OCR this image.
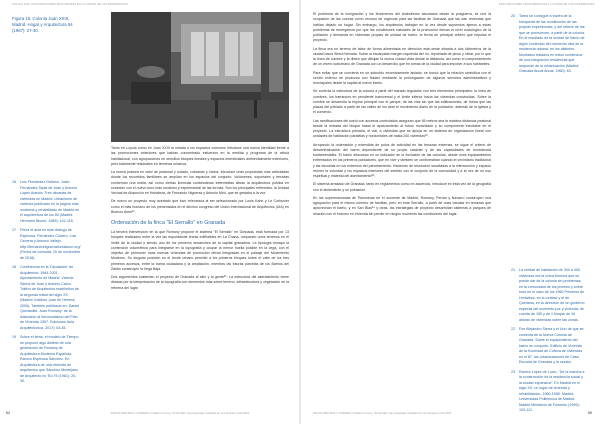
Artículos 2022 | EXPLORACIONES FRONTERIZAS EN LA CIUDAD DE LOS MODERNISTAS
Figura 15. Colonia Juan XXIII, Madrid. Hogar y Arquitectura 94 (1967): 27-30.
16	Luis Fernández-Galiano, Justo Fernández-Tapia de Juan y Antonio López Aranda. Tres décadas de viviendas en Madrid. Urbanismo de vivienda publicado en la página más moderna y rehabilitado de Madrid en el arquitectura de los 80 (Madrid: Hermann Blume, 1989): 102-116.
17	Firma el acta en este diálogo de Espinosa, Fernández Cotarro, Luis Cervera y Antonio Vallejo. http://fernandohiguerasfundacion.org/ (Fecha de consulta: 20 de noviembre de 2018).
18	Conferencia en la 'Diputación' de Arquitectos, 1964-2001. Ayuntamiento de Madrid. Vicente Sáenz de Juan y Antonio Calvo. Tráfico de Arquitectos madrileños de la segunda mitad del siglo XX (Madrid: Instituto Juan de Herrera, 2006). También publicado en: Daniel Quintanilla. Juan Romany: de la ilustración al funcionalismo del Plan de Vivienda 1957: Ediciones Aula Arquitectónica, 2017): 64-81.
19	Sobre el tema, el modelo de Tiempo se propone algo distinto de una generación de Romany de Arquitectura Moderna Española. Ramón Espinosa Sánchez. En Arquitectura de una vivienda de arquitectos que Sánchez Montejano de Arquitecto no 'Ed 75 (1961): 20-30.

Tanto en Loyola como en Juan XXIII la mirada a los espacios comunes introduce una nueva identidad frente a las promociones anteriores que habían concentrado esfuerzos en la medida y programa de la célula habitacional, con agrupaciones en sencillos bloques lineales y espacios intersticiales ambientalmente exteriores, pero totalmente residuales en términos urbanos.

La nueva postura en valor de peatonal y rodado, cobrando y varios, introduce unas propuestas más articuladas donde los recorridos familiares se amplían en los espacios del conjunto. Volúmenes, soportales y terrazas conforman una malla, así como ciertas licencias constructivas intermedias situan la arquitectura pública en conexión con el nuevo tono más moderno y experimental de las formas. Son los principales referentes: la Unidad Vecinal de Absorción en Hortaleza, de Fernando Higueras y Antonio Miró, que se gestaba a la vez.

De nuevo un proyecto muy acertado que tuvo relevancia al ser seleccionado por Louis Kahn y Le Corbusier como el más humano de los presentados en el décimo congreso del Unión Internacional de Arquitectos (UIA) en Buenos Aires⁸⁰.

Ordenación de la finca "El Serrallo" en Granada

La tercera intervención en la que Romany propone el sistema "El Serrallo" en Granada, está formada por 13 bloques realizados entre la vez las esporádicas líneas edificables en La Chana, ocupando unos terrenos en el límite de la ciudad y siendo uno de los primeros ensanches de la capital granadina. La tipología ensaya la contención volumétrica para integrarse en la topografía y ocupar la menor huella posible en la vega, con el objetivo de promover unas nuevas viviendas de promoción oficial integradas en el paisaje del Movimiento Moderno. Su singular posición en el borde urbano permitió a los primeros bloques sobre el valle de los tres primeros accesos, entre la trama ciudadana y la ampliación, mientras las futuras parcelas de los Barrios del Zaidín construyen la Vega Baja.

Dos argumentos sustentan el proyecto de Granada al sitio y la gente⁸¹. La estructura del asentamiento viene dictada por la interpretación de la topografía con elementos más sobre terreno, infraestructura y vegetación en la reforma del lugar.

64	ESCOZ CENTROS Y VIVIENDA | Ciudad en Lucía y "El Serrallo": las propuestas culturales de ocio durante el (Ja) 2022
EXPLORACIONES FRONTERIZAS EN LA CIUDAD DE LOS MODERNISTAS

El problema de la inmigración y los fenómenos del chabolismo asociados desde la posguerra, se une la ocupación de las cuevas como recurso de urgencia para las familias de Granada que las dan viviendas que habían dejado un hogar. Sin embargo, los arquitectos trabajan en la vez desde supuestos ajenos a estas problemas de emergencia por que las condiciones naturales de la promoción elevan el nivel sociológico de la población y demanda en viviendas propias de unidad de barrio, la fecha de principal criterio que impulsa el proyecto.

La finca era un terreno de labor de forma alimentada en dirección este-oeste situada a dos kilómetros de la ciudad hacia Sierra Nevada. Sobre la escarpada margen izquierda del río, repoblada de pinos y olivar, por lo que la línea de cumbre y la ribera que dibujan la nueva ciudad vista desde la distancia, así como el comportamiento de un vivero suburbano de Granada con un desarrollo que en tomas de la ciudad para imponer a sus habitantes.

Para evitar que se convierta en un suburbio excesivamente aislado, se buscó que la relación simbólica con el centro exterior se produzca con fluidez mediante la prolongación de algunos servicios administrativos y municipales desde la capital al nuevo barrio.

Se controla la estructura de la colonia a partir del trazado regulador con tres elementos principales: la línea de cumbres, los barrancos en pendiente transversal y el límite inferior hacia las viviendas construidas. Sobre la cumbre se desarrolla la espina principal con el parque, de las vías sin que las edificaciones, de forma que las plazas del poblado a partir de las calles de los abre el movimiento diario de la población, además de la iglesia y el comercio.

Las ramificaciones del suelo con accesos controlados aseguran que 45 metros sea la máxima distancia peatonal desde la entrada del bloque hasta el aparcamiento al futuro motorizado y su componente inevitable en el proyecto. La estructura primaria, el vial, a viviendas que se apoya en un sistema de organización lineal con unidades de habitación paralelas y horizontales de hasta 200 viviendas⁸².

Arropando la ordenación y extendida de polos de actividad en las terrazas externas, se sigue el criterio de descentralización del barrio dependiente de su propio carácter y de las capacidades de excedencia fundamentales. El barrio descansa en un indicador de la exclusión de las colonias, desde unos equipamientos enfrentados en los primeros pobladores, que en vivir y también se conformaban cuando el vecindario tradicional y las escuelas en los extremos del parcelamiento. Haciendo de resolución suscitadas a la intersección y espacio reúnen la voluntad y los espacios interiores del sentido con el conjunto de la comunidad y a la vez de un uso espiritual y material del asentamiento⁸³.

El sistema arrasado de Granada, tanto en reglamentos como en acuerdos, introduce en esta vez de la geografía con el aislamiento y su población.

En las supermanzanas de Palomeras en el suroeste de Madrid, Romany, Ferrán y Navarro construyen una agrupación para el mismo número de familias, pero en este Serrallo, a partir de unas bandas en terrazas que aprovechan el barrio, y en San Blas⁸⁴ y otras, las estrategias de proyecto desarrollan sistemas a parques de relación con el entorno en vivienda sin perder en ningún momento las condiciones del lugar.

20	Tarea se consigue a través de la búsqueda de las condiciones de las propias experiencias, y del relieve de las que se promueven, a partir de la colonia. En el resultado de la unidad de barrio de algún contenido del momento vital de la residencia urbana, en los distintos Montados tratados en estos comienzos de una integración residencial que responde de la urbanización (Madrid: Granada Anual Anual, 1960): 63.
21	La unidad de habitación de 300 a 400 viviendas era la única fórmula que se puede dar de la colonia sin problemas, en la comunidad de los jóvenes y sobre todo en el caso de los 1960 Primeros de Hortaleza, en su unidad y el de Quintana, en la dirección de un gobierno especial del momento por y vivienda; de cuenta de 150 y de 1 bloque de 16 alturas de viviendas sobre las zonas.
22	Fue Alejandro Sierra y el Uno de que se comenta de la Nueva Colonia de Granada. Sobre el equipamiento del barrio en conjunto. Edificio de Vivienda de la Sociedad de Cultura de viviendas en el 87, las urbanizaciones de Casa Escuela de Granada y la ciudad.
23	Ramón López de Lucio, "De la marcha a la construcción de la residencia social y la ciudad expansiva". En Madrid en el siglo XX: un lugar de vivienda y rehabilitación, 1960-1980. Madrid, Universidad Politécnica de Madrid. Madrid Ministerio de Fomento (1996): 103-112.
ESCOZ CENTROS Y VIVIENDA | Ciudad en Lucía y "El Serrallo": las propuestas culturales de ocio durante el (Ja) 2022	65
